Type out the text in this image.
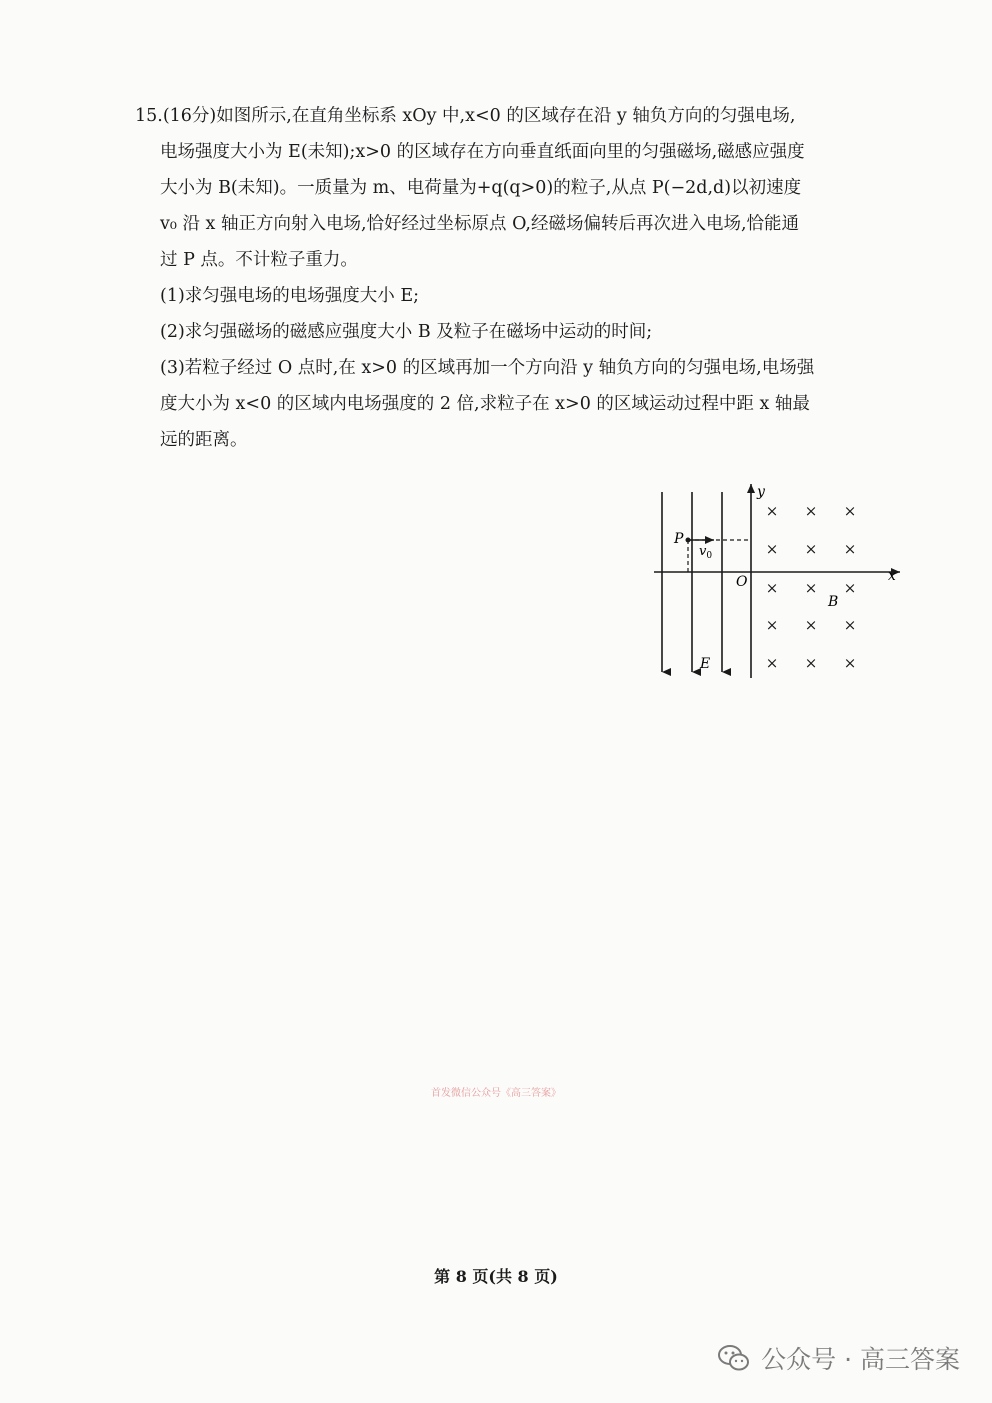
15.(16分)如图所示,在直角坐标系 xOy 中,x<0 的区域存在沿 y 轴负方向的匀强电场,
电场强度大小为 E(未知);x>0 的区域存在方向垂直纸面向里的匀强磁场,磁感应强度
大小为 B(未知)。一质量为 m、电荷量为+q(q>0)的粒子,从点 P(−2d,d)以初速度
v₀ 沿 x 轴正方向射入电场,恰好经过坐标原点 O,经磁场偏转后再次进入电场,恰能通
过 P 点。不计粒子重力。
(1)求匀强电场的电场强度大小 E;
(2)求匀强磁场的磁感应强度大小 B 及粒子在磁场中运动的时间;
(3)若粒子经过 O 点时,在 x>0 的区域再加一个方向沿 y 轴负方向的匀强电场,电场强
度大小为 x<0 的区域内电场强度的 2 倍,求粒子在 x>0 的区域运动过程中距 x 轴最
远的距离。
y
x
O
P
$v_0$
E
B
× × ×
× × ×
× × ×
× × ×
× × ×
首发微信公众号《高三答案》
第 8 页(共 8 页)
公众号 · 高三答案
